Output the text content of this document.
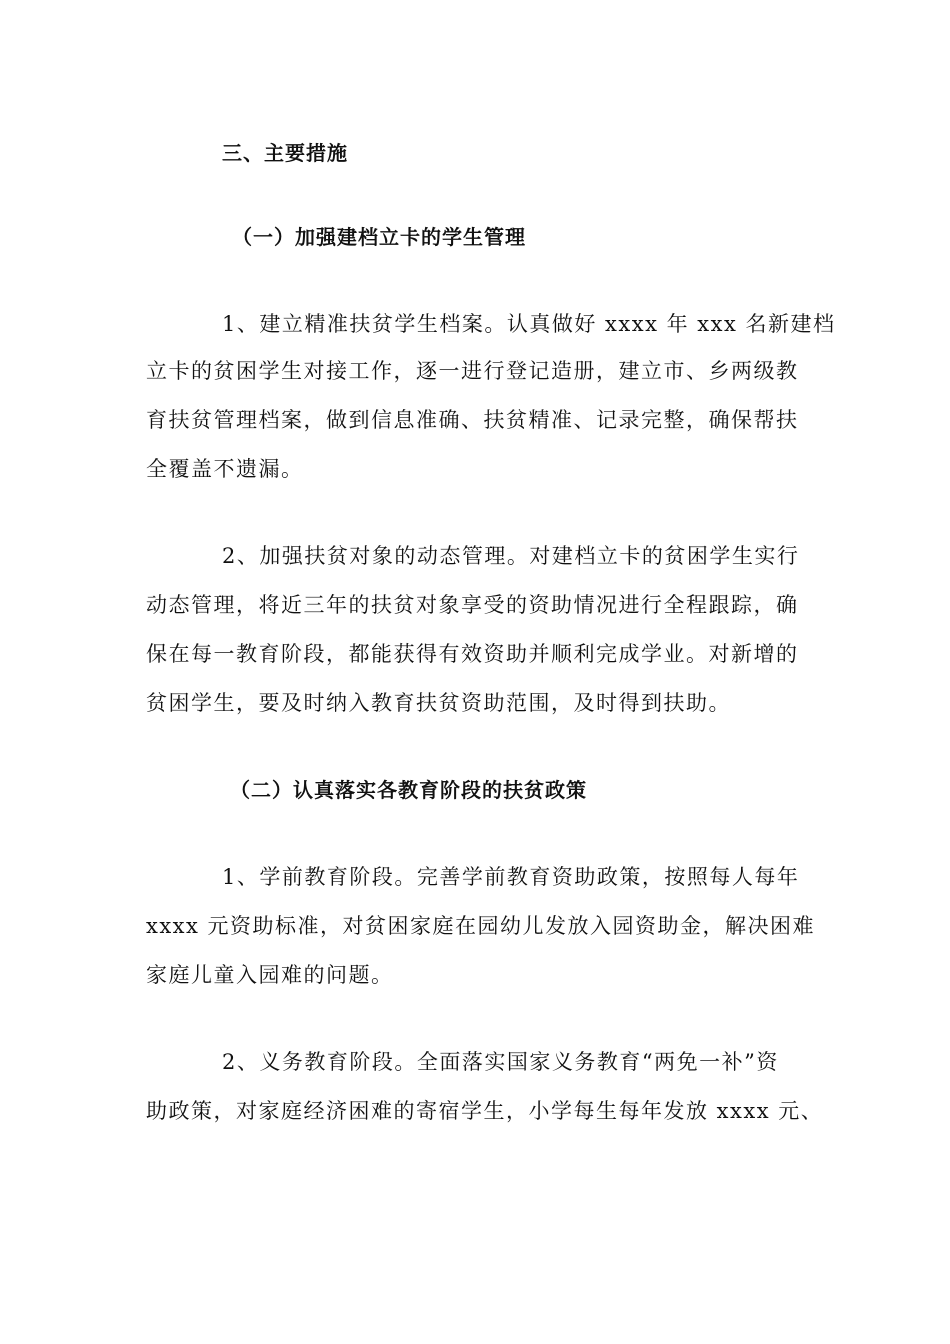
三、主要措施
（一）加强建档立卡的学生管理
1、建立精准扶贫学生档案。认真做好 xxxx 年 xxx 名新建档
立卡的贫困学生对接工作，逐一进行登记造册，建立市、乡两级教
育扶贫管理档案，做到信息准确、扶贫精准、记录完整，确保帮扶
全覆盖不遗漏。
2、加强扶贫对象的动态管理。对建档立卡的贫困学生实行
动态管理，将近三年的扶贫对象享受的资助情况进行全程跟踪，确
保在每一教育阶段，都能获得有效资助并顺利完成学业。对新增的
贫困学生，要及时纳入教育扶贫资助范围，及时得到扶助。
（二）认真落实各教育阶段的扶贫政策
1、学前教育阶段。完善学前教育资助政策，按照每人每年
xxxx 元资助标准，对贫困家庭在园幼儿发放入园资助金，解决困难
家庭儿童入园难的问题。
2、义务教育阶段。全面落实国家义务教育“两免一补”资
助政策，对家庭经济困难的寄宿学生，小学每生每年发放 xxxx 元、
